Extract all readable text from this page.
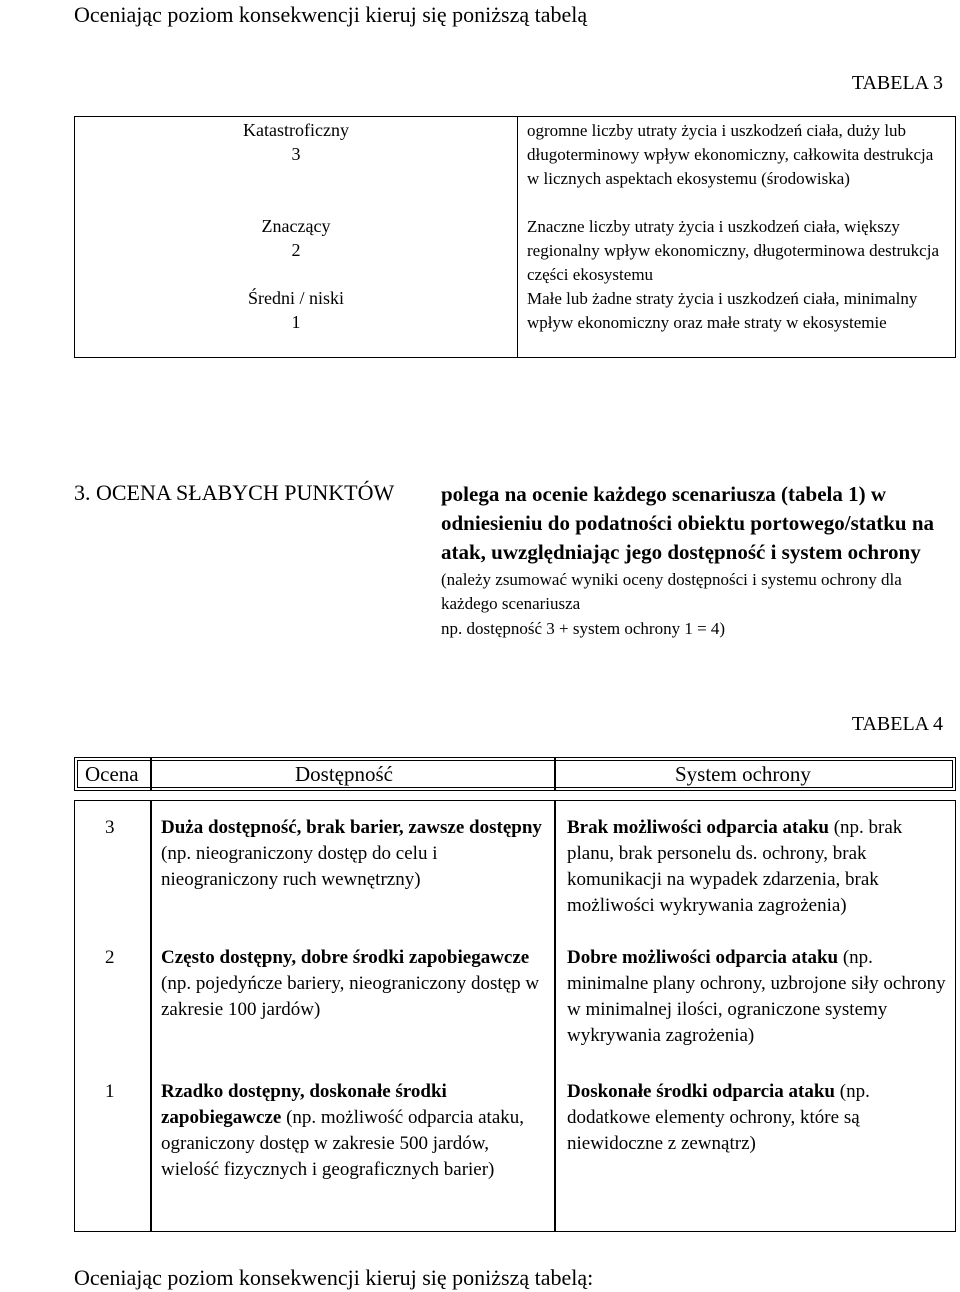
Oceniając poziom konsekwencji kieruj się poniższą tabelą
TABELA 3
Katastroficzny
3
Znaczący
2
Średni / niski
1
ogromne liczby utraty życia i uszkodzeń ciała, duży lub długoterminowy wpływ ekonomiczny, całkowita destrukcja w licznych aspektach ekosystemu (środowiska)
Znaczne liczby utraty życia i uszkodzeń ciała, większy regionalny wpływ ekonomiczny, długoterminowa destrukcja części ekosystemu
Małe lub żadne straty życia i uszkodzeń ciała, minimalny wpływ ekonomiczny oraz małe straty w ekosystemie
3. OCENA SŁABYCH PUNKTÓW polega na ocenie każdego scenariusza (tabela 1) w odniesieniu do podatności obiektu portowego/statku na atak, uwzględniając jego dostępność i system ochrony
(należy zsumować wyniki oceny dostępności i systemu ochrony dla każdego scenariusza
np. dostępność 3 + system ochrony 1 = 4)
TABELA 4
Ocena	Dostępność	System ochrony
3 Duża dostępność, brak barier, zawsze dostępny (np. nieograniczony dostęp do celu i nieograniczony ruch wewnętrzny)
Brak możliwości odparcia ataku (np. brak planu, brak personelu ds. ochrony, brak komunikacji na wypadek zdarzenia, brak możliwości wykrywania zagrożenia)
2 Często dostępny, dobre środki zapobiegawcze (np. pojedyńcze bariery, nieograniczony dostęp w zakresie 100 jardów)
Dobre możliwości odparcia ataku (np. minimalne plany ochrony, uzbrojone siły ochrony w minimalnej ilości, ograniczone systemy wykrywania zagrożenia)
1 Rzadko dostępny, doskonałe środki zapobiegawcze (np. możliwość odparcia ataku, ograniczony dostęp w zakresie 500 jardów, wielość fizycznych i geograficznych barier)
Doskonałe środki odparcia ataku (np. dodatkowe elementy ochrony, które są niewidoczne z zewnątrz)
Oceniając poziom konsekwencji kieruj się poniższą tabelą:
